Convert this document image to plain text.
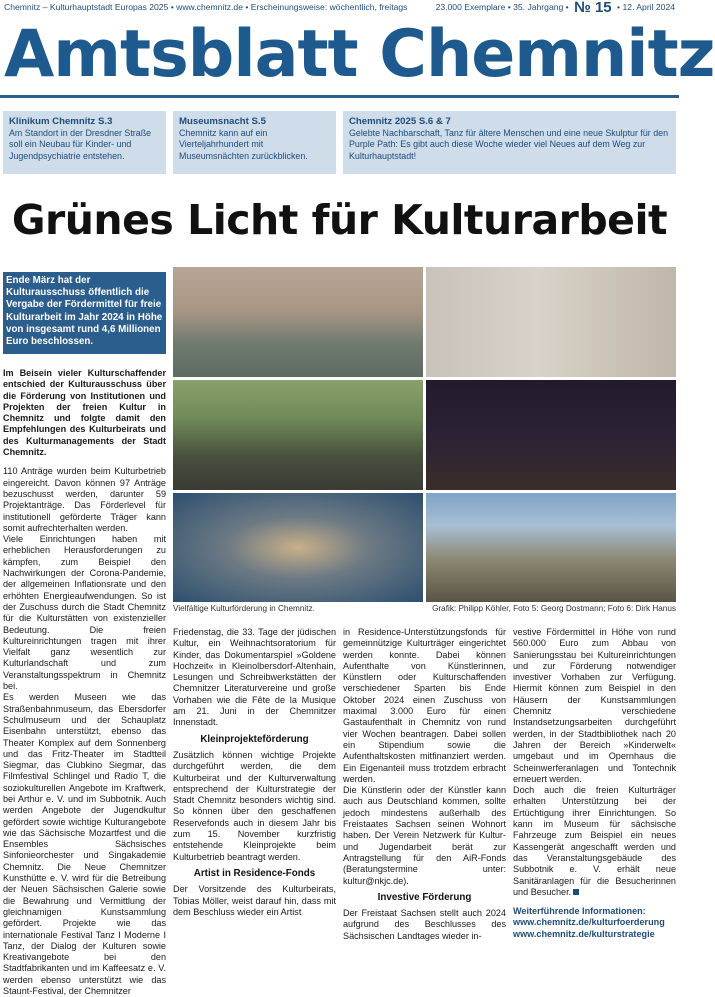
Chemnitz – Kulturhauptstadt Europas 2025 • www.chemnitz.de • Erscheinungsweise: wöchentlich, freitags	23.000 Exemplare • 35. Jahrgang • № 15 • 12. April 2024
Amtsblatt Chemnitz
Klinikum Chemnitz S.3
Am Standort in der Dresdner Straße soll ein Neubau für Kinder- und Jugendpsychiatrie entstehen.
Museumsnacht S.5
Chemnitz kann auf ein Vierteljahrhundert mit Museumsnächten zurückblicken.
Chemnitz 2025 S.6 & 7
Gelebte Nachbarschaft, Tanz für ältere Menschen und eine neue Skulptur für den Purple Path: Es gibt auch diese Woche wieder viel Neues auf dem Weg zur Kulturhauptstadt!
Grünes Licht für Kulturarbeit
Ende März hat der Kulturausschuss öffentlich die Vergabe der Fördermittel für freie Kulturarbeit im Jahr 2024 in Höhe von insgesamt rund 4,6 Millionen Euro beschlossen.

Im Beisein vieler Kulturschaffender entschied der Kulturausschuss über die Förderung von Institutionen und Projekten der freien Kultur in Chemnitz und folgte damit den Empfehlungen des Kulturbeirats und des Kulturmanagements der Stadt Chemnitz.

110 Anträge wurden beim Kulturbetrieb eingereicht. Davon können 97 Anträge bezuschusst werden, darunter 59 Projektanträge. Das Förderlevel für institutionell geförderte Träger kann somit aufrechterhalten werden.

Viele Einrichtungen haben mit erheblichen Herausforderungen zu kämpfen, zum Beispiel den Nachwirkungen der Corona-Pandemie, der allgemeinen Inflationsrate und den erhöhten Energieaufwendungen. So ist der Zuschuss durch die Stadt Chemnitz für die Kulturstätten von existenzieller Bedeutung. Die freien Kultureinrichtungen tragen mit ihrer Vielfalt ganz wesentlich zur Kulturlandschaft und zum Veranstaltungsspektrum in Chemnitz bei.

Es werden Museen wie das Straßenbahnmuseum, das Ebersdorfer Schulmuseum und der Schauplatz Eisenbahn unterstützt, ebenso das Theater Komplex auf dem Sonnenberg und das Fritz-Theater im Stadtteil Siegmar, das Clubkino Siegmar, das Filmfestival Schlingel und Radio T, die soziokulturellen Angebote im Kraftwerk, bei Arthur e. V. und im Subbotnik. Auch werden Angebote der Jugendkultur gefördert sowie wichtige Kulturangebote wie das Sächsische Mozartfest und die Ensembles Sächsisches Sinfonieorchester und Singakademie Chemnitz. Die Neue Chemnitzer Kunsthütte e. V. wird für die Betreibung der Neuen Sächsischen Galerie sowie die Bewahrung und Vermittlung der gleichnamigen Kunstsammlung gefördert. Projekte wie das internationale Festival Tanz I Moderne I Tanz, der Dialog der Kulturen sowie Kreativangebote bei den Stadtfabrikanten und im Kaffeesatz e. V. werden ebenso unterstützt wie das Staunt-Festival, der Chemnitzer

Vielfältige Kulturförderung in Chemnitz.	Grafik: Philipp Köhler, Foto 5: Georg Dostmann; Foto 6: Dirk Hanus

Friedenstag, die 33. Tage der jüdischen Kultur, ein Weihnachtsoratorium für Kinder, das Dokumentarspiel »Goldene Hochzeit« in Kleinolbersdorf-Altenhain, Lesungen und Schreibwerkstätten der Chemnitzer Literaturvereine und große Vorhaben wie die Fête de la Musique am 21. Juni in der Chemnitzer Innenstadt.

Kleinprojekteförderung

Zusätzlich können wichtige Projekte durchgeführt werden, die dem Kulturbeirat und der Kulturverwaltung entsprechend der Kulturstrategie der Stadt Chemnitz besonders wichtig sind. So können über den geschaffenen Reservefonds auch in diesem Jahr bis zum 15. November kurzfristig entstehende Kleinprojekte beim Kulturbetrieb beantragt werden.

Artist in Residence-Fonds

Der Vorsitzende des Kulturbeirats, Tobias Möller, weist darauf hin, dass mit dem Beschluss wieder ein Artist

in Residence-Unterstützungsfonds für gemeinnützige Kulturträger eingerichtet werden konnte. Dabei können Aufenthalte von Künstlerinnen, Künstlern oder Kulturschaffenden verschiedener Sparten bis Ende Oktober 2024 einen Zuschuss von maximal 3.000 Euro für einen Gastaufenthalt in Chemnitz von rund vier Wochen beantragen. Dabei sollen ein Stipendium sowie die Aufenthaltskosten mitfinanziert werden. Ein Eigenanteil muss trotzdem erbracht werden.

Die Künstlerin oder der Künstler kann auch aus Deutschland kommen, sollte jedoch mindestens außerhalb des Freistaates Sachsen seinen Wohnort haben. Der Verein Netzwerk für Kultur- und Jugendarbeit berät zur Antragstellung für den AiR-Fonds (Beratungstermine unter: kultur@nkjc.de).

Investive Förderung

Der Freistaat Sachsen stellt auch 2024 aufgrund des Beschlusses des Sächsischen Landtages wieder in-

vestive Fördermittel in Höhe von rund 560.000 Euro zum Abbau von Sanierungsstau bei Kultureinrichtungen und zur Förderung notwendiger investiver Vorhaben zur Verfügung. Hiermit können zum Beispiel in den Häusern der Kunstsammlungen Chemnitz verschiedene Instandsetzungsarbeiten durchgeführt werden, in der Stadtbibliothek nach 20 Jahren der Bereich »Kinderwelt« umgebaut und im Opernhaus die Scheinwerferanlagen und Tontechnik erneuert werden.

Doch auch die freien Kulturträger erhalten Unterstützung bei der Ertüchtigung ihrer Einrichtungen. So kann im Museum für sächsische Fahrzeuge zum Beispiel ein neues Kassengerät angeschafft werden und das Veranstaltungsgebäude des Subbotnik e. V. erhält neue Sanitäranlagen für die Besucherinnen und Besucher.

Weiterführende Informationen:

www.chemnitz.de/kulturfoerderung

www.chemnitz.de/kulturstrategie
